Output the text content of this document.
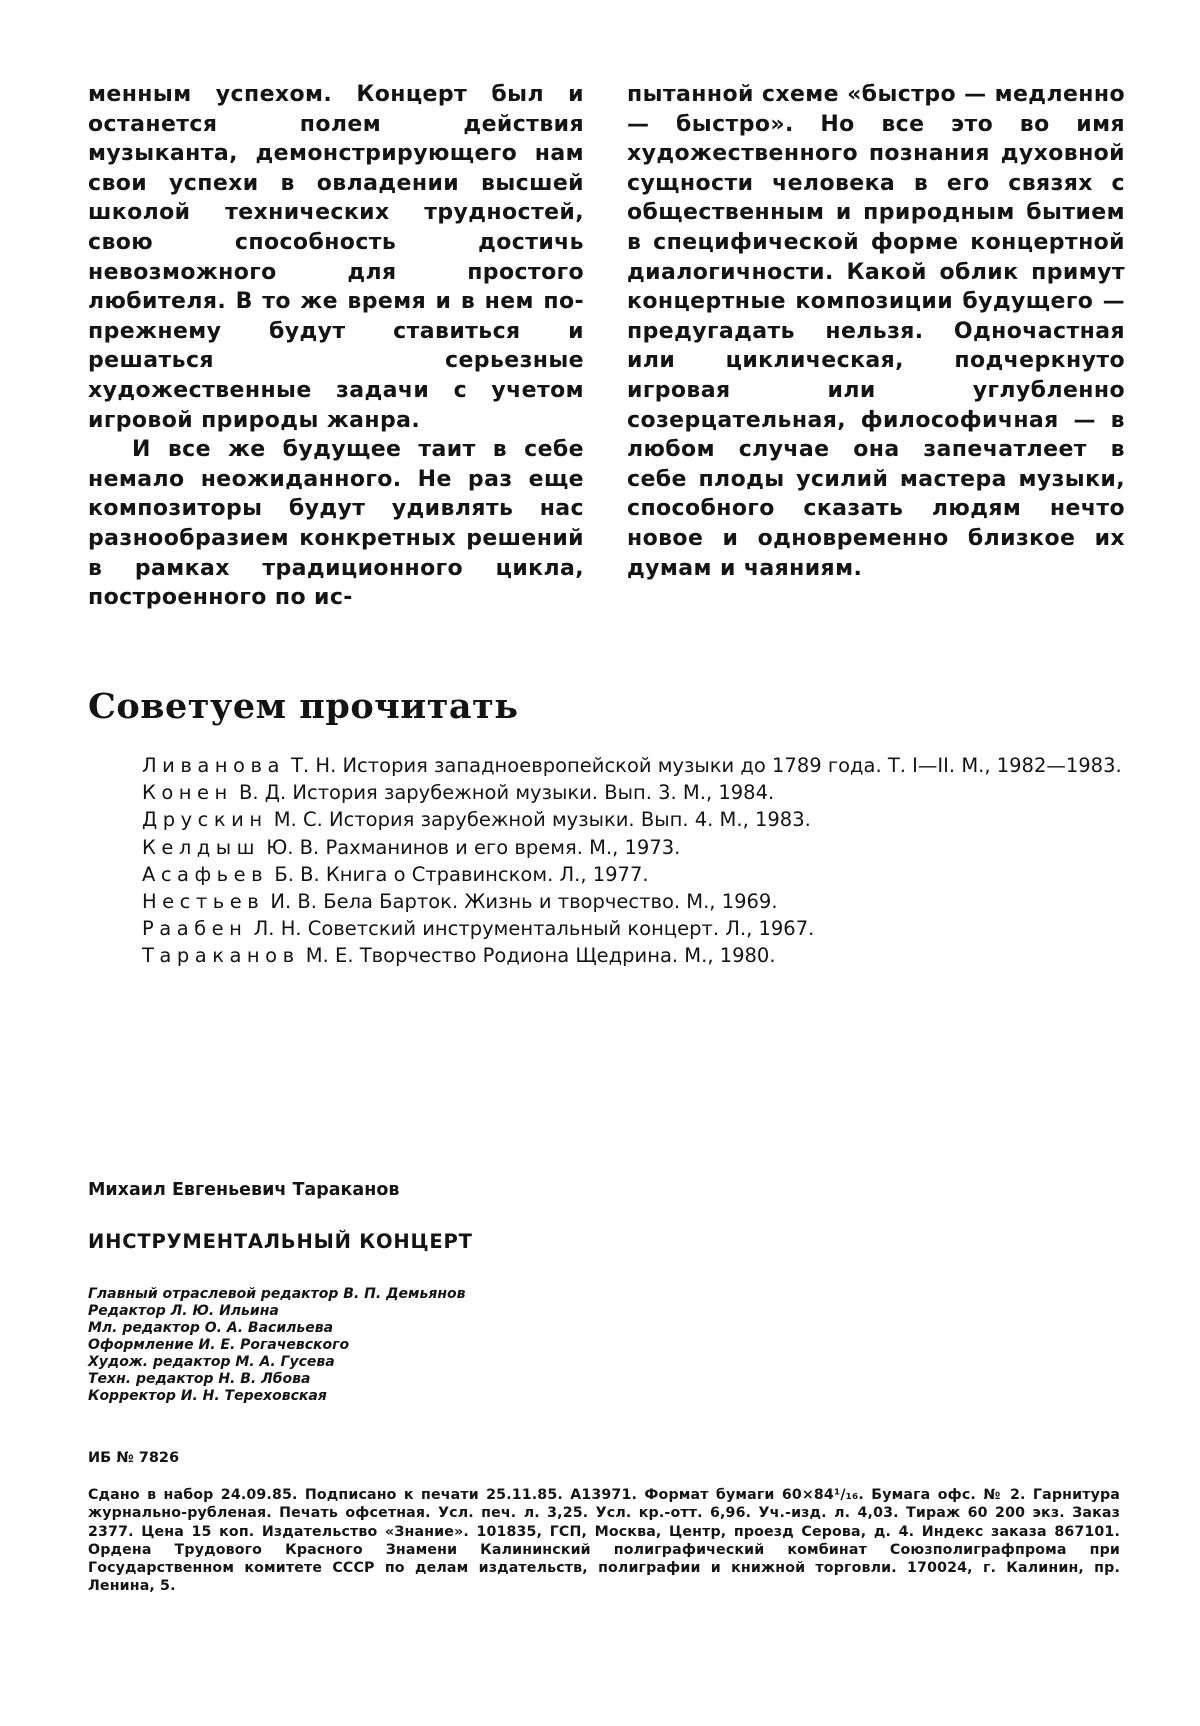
менным успехом. Концерт был и останется полем действия музыканта, демонстрирующего нам свои успехи в овладении высшей школой технических трудностей, свою способность достичь невозможного для простого любителя. В то же время и в нем по-прежнему будут ставиться и решаться серьезные художественные задачи с учетом игровой природы жанра.

И все же будущее таит в себе немало неожиданного. Не раз еще композиторы будут удивлять нас разнообразием конкретных решений в рамках традиционного цикла, построенного по ис-

пытанной схеме «быстро — медленно — быстро». Но все это во имя художественного познания духовной сущности человека в его связях с общественным и природным бытием в специфической форме концертной диалогичности. Какой облик примут концертные композиции будущего — предугадать нельзя. Одночастная или циклическая, подчеркнуто игровая или углубленно созерцательная, философичная — в любом случае она запечатлеет в себе плоды усилий мастера музыки, способного сказать людям нечто новое и одновременно близкое их думам и чаяниям.

Советуем прочитать

Ливанова Т. Н. История западноевропейской музыки до 1789 года. Т. I—II. М., 1982—1983.

Конен В. Д. История зарубежной музыки. Вып. 3. М., 1984.

Друскин М. С. История зарубежной музыки. Вып. 4. М., 1983.

Келдыш Ю. В. Рахманинов и его время. М., 1973.

Асафьев Б. В. Книга о Стравинском. Л., 1977.

Нестьев И. В. Бела Барток. Жизнь и творчество. М., 1969.

Раабен Л. Н. Советский инструментальный концерт. Л., 1967.

Тараканов М. Е. Творчество Родиона Щедрина. М., 1980.

Михаил Евгеньевич Тараканов
ИНСТРУМЕНТАЛЬНЫЙ КОНЦЕРТ
Главный отраслевой редактор В. П. Демьянов
Редактор Л. Ю. Ильина
Мл. редактор О. А. Васильева
Оформление И. Е. Рогачевского
Худож. редактор М. А. Гусева
Техн. редактор Н. В. Лбова
Корректор И. Н. Тереховская
ИБ № 7826
Сдано в набор 24.09.85. Подписано к печати 25.11.85. А13971. Формат бумаги 60×84¹/₁₆. Бумага офс. № 2. Гарнитура журнально-рубленая. Печать офсетная. Усл. печ. л. 3,25. Усл. кр.-отт. 6,96. Уч.-изд. л. 4,03. Тираж 60 200 экз. Заказ 2377. Цена 15 коп. Издательство «Знание». 101835, ГСП, Москва, Центр, проезд Серова, д. 4. Индекс заказа 867101. Ордена Трудового Красного Знамени Калининский полиграфический комбинат Союзполиграфпрома при Государственном комитете СССР по делам издательств, полиграфии и книжной торговли. 170024, г. Калинин, пр. Ленина, 5.
